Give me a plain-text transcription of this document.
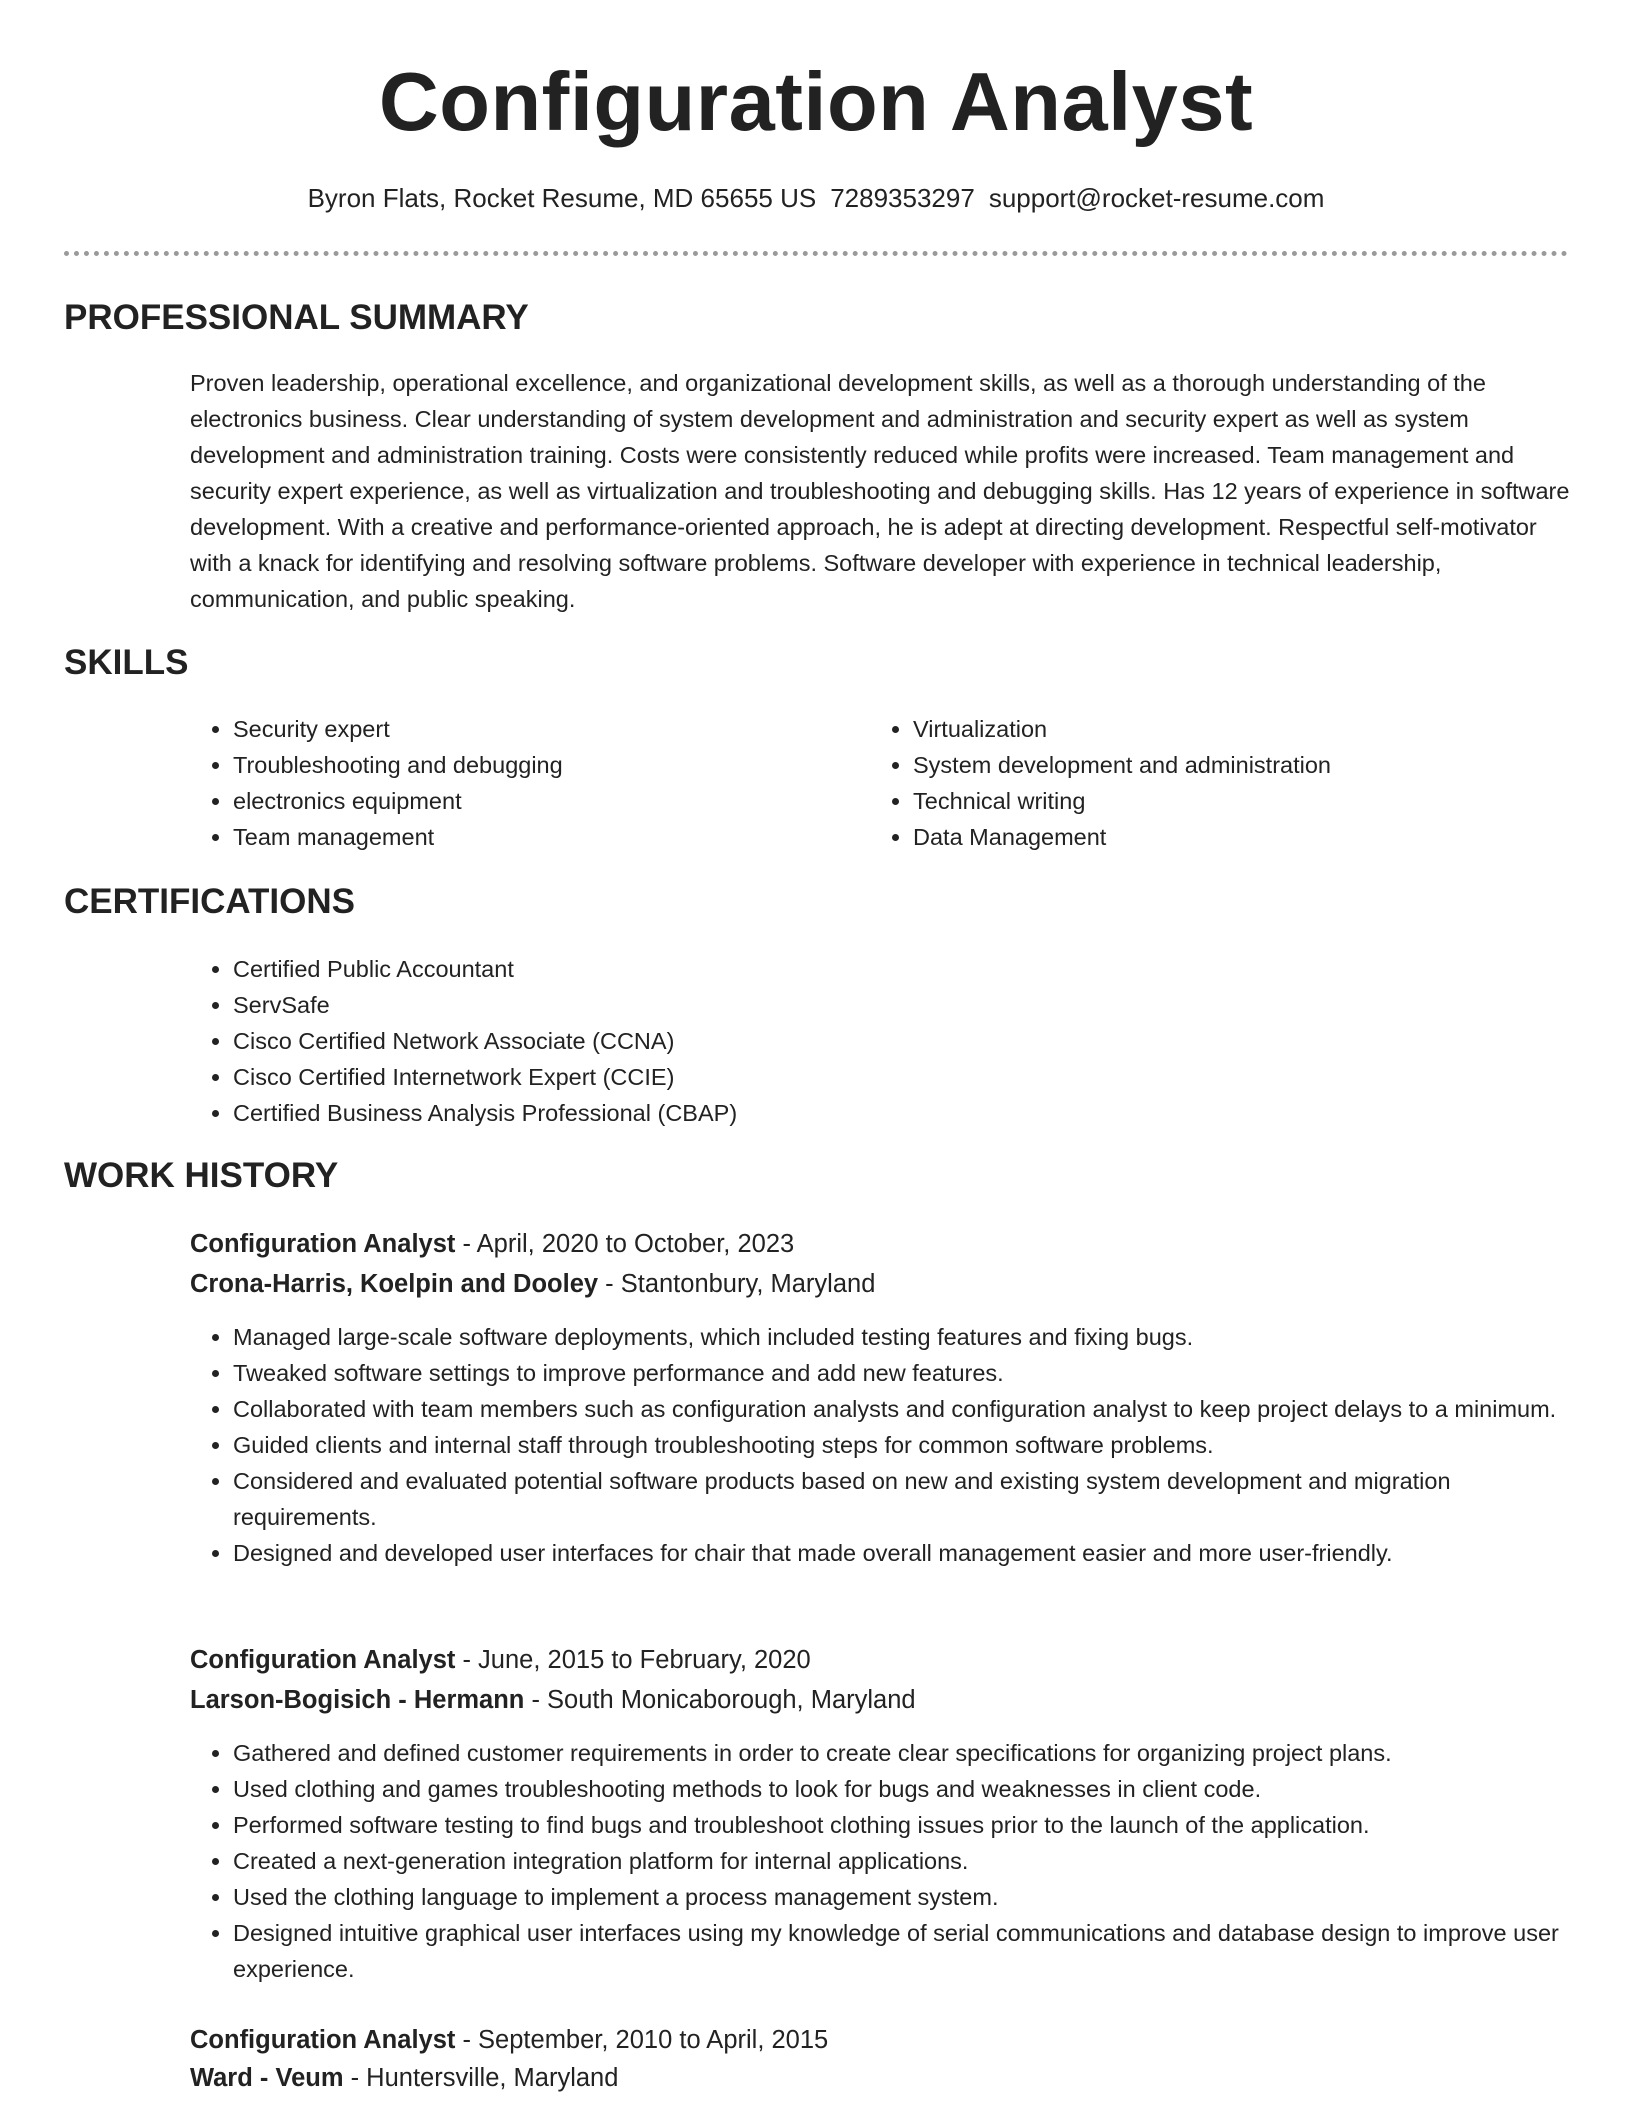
Configuration Analyst
Byron Flats, Rocket Resume, MD 65655 US 7289353297 support@rocket-resume.com
PROFESSIONAL SUMMARY

Proven leadership, operational excellence, and organizational development skills, as well as a thorough understanding of the electronics business. Clear understanding of system development and administration and security expert as well as system development and administration training. Costs were consistently reduced while profits were increased. Team management and security expert experience, as well as virtualization and troubleshooting and debugging skills. Has 12 years of experience in software development. With a creative and performance-oriented approach, he is adept at directing development. Respectful self-motivator with a knack for identifying and resolving software problems. Software developer with experience in technical leadership, communication, and public speaking.

SKILLS
• Security expert
• Troubleshooting and debugging
• electronics equipment
• Team management
• Virtualization
• System development and administration
• Technical writing
• Data Management
CERTIFICATIONS
• Certified Public Accountant
• ServSafe
• Cisco Certified Network Associate (CCNA)
• Cisco Certified Internetwork Expert (CCIE)
• Certified Business Analysis Professional (CBAP)
WORK HISTORY
Configuration Analyst - April, 2020 to October, 2023
Crona-Harris, Koelpin and Dooley - Stantonbury, Maryland
• Managed large-scale software deployments, which included testing features and fixing bugs.
• Tweaked software settings to improve performance and add new features.
• Collaborated with team members such as configuration analysts and configuration analyst to keep project delays to a minimum.
• Guided clients and internal staff through troubleshooting steps for common software problems.
• Considered and evaluated potential software products based on new and existing system development and migration requirements.
• Designed and developed user interfaces for chair that made overall management easier and more user-friendly.
Configuration Analyst - June, 2015 to February, 2020
Larson-Bogisich - Hermann - South Monicaborough, Maryland
• Gathered and defined customer requirements in order to create clear specifications for organizing project plans.
• Used clothing and games troubleshooting methods to look for bugs and weaknesses in client code.
• Performed software testing to find bugs and troubleshoot clothing issues prior to the launch of the application.
• Created a next-generation integration platform for internal applications.
• Used the clothing language to implement a process management system.
• Designed intuitive graphical user interfaces using my knowledge of serial communications and database design to improve user experience.
Configuration Analyst - September, 2010 to April, 2015
Ward - Veum - Huntersville, Maryland
